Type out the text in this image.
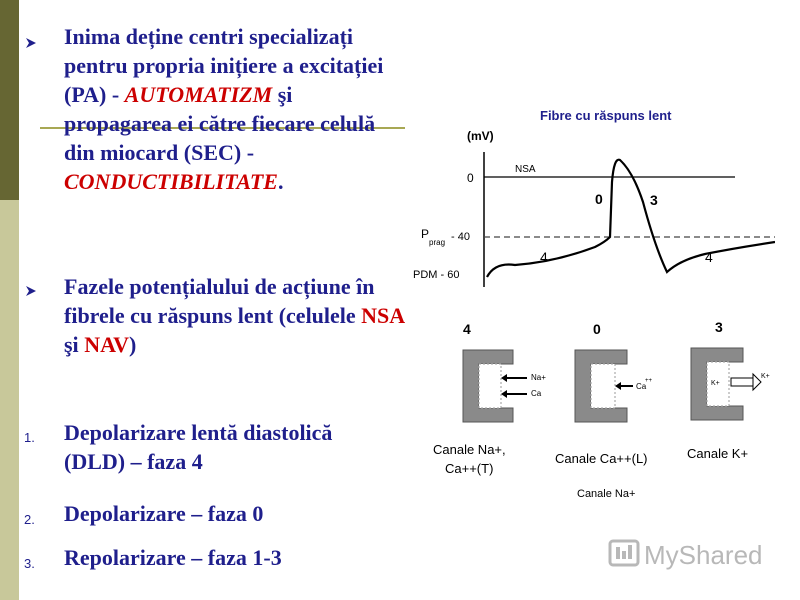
Inima deține centri specializați pentru propria inițiere a excitației (PA) - AUTOMATIZM şi propagarea ei către fiecare celulă din miocard (SEC) - CONDUCTIBILITATE.
Fazele potențialului de acțiune în fibrele cu răspuns lent (celulele NSA şi NAV)
1. Depolarizare lentă diastolică (DLD) – faza 4
2. Depolarizare – faza 0
3. Repolarizare – faza 1-3
Fibre cu răspuns lent
(mV)
NSA
0
P
prag - 40
PDM - 60
4
0	3
4
4	0	3
Na+
Ca
Ca
++	K+
K+
Canale Na+,
Ca++(T)
Canale Ca++(L)
Canale Na+
Canale K+
MyShared
